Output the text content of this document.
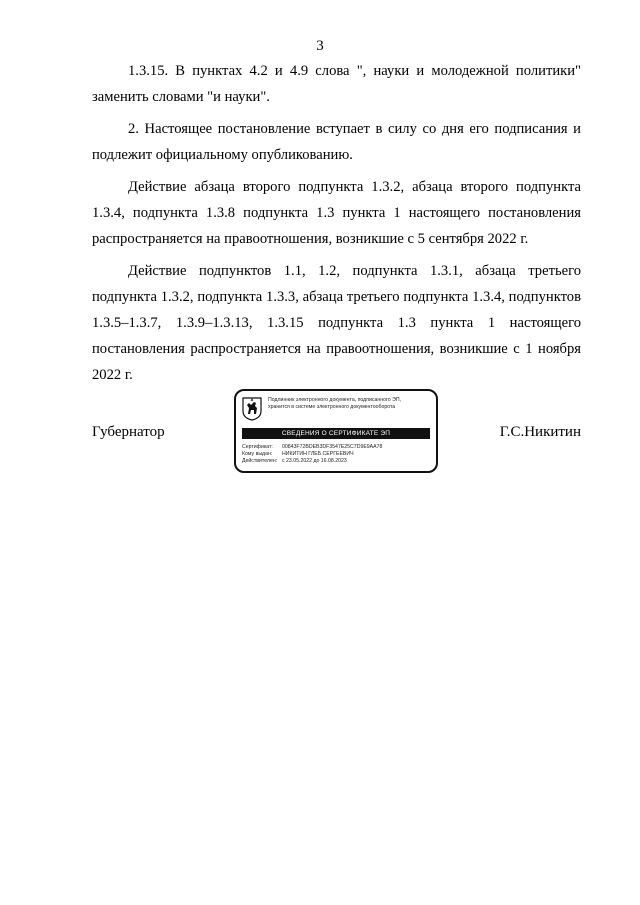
3

1.3.15. В пунктах 4.2 и 4.9 слова ", науки и молодежной политики" заменить словами "и науки".

2. Настоящее постановление вступает в силу со дня его подписания и подлежит официальному опубликованию.

Действие абзаца второго подпункта 1.3.2, абзаца второго подпункта 1.3.4, подпункта 1.3.8 подпункта 1.3 пункта 1 настоящего постановления распространяется на правоотношения, возникшие с 5 сентября 2022 г.

Действие подпунктов 1.1, 1.2, подпункта 1.3.1, абзаца третьего подпункта 1.3.2, подпункта 1.3.3, абзаца третьего подпункта 1.3.4, подпунктов 1.3.5–1.3.7, 1.3.9–1.3.13, 1.3.15 подпункта 1.3 пункта 1 настоящего постановления распространяется на правоотношения, возникшие с 1 ноября 2022 г.

Губернатор
Подлинник электронного документа, подписанного ЭП,
хранится в системе электронного документооборота
СВЕДЕНИЯ О СЕРТИФИКАТЕ ЭП
Сертификат:	00843F72BDEB3DF3547E25C7D9E9AA78
Кому выдан:	НИКИТИН ГЛЕБ СЕРГЕЕВИЧ
Действителен: с 23.05.2022 до 16.08.2023
Г.С.Никитин
